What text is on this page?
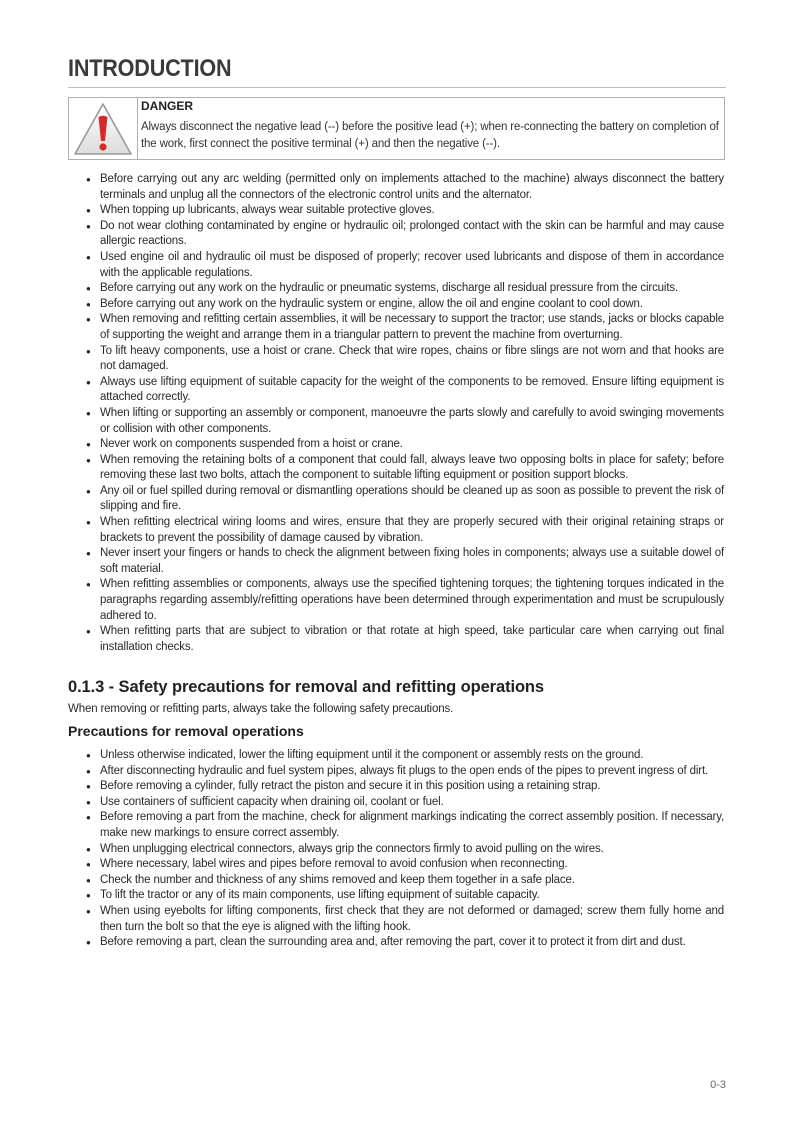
INTRODUCTION
DANGER

Always disconnect the negative lead (--) before the positive lead (+); when re-connecting the battery on completion of the work, first connect the positive terminal (+) and then the negative (--).

● Before carrying out any arc welding (permitted only on implements attached to the machine) always disconnect the battery terminals and unplug all the connectors of the electronic control units and the alternator.
● When topping up lubricants, always wear suitable protective gloves.
● Do not wear clothing contaminated by engine or hydraulic oil; prolonged contact with the skin can be harmful and may cause allergic reactions.
● Used engine oil and hydraulic oil must be disposed of properly; recover used lubricants and dispose of them in accordance with the applicable regulations.
● Before carrying out any work on the hydraulic or pneumatic systems, discharge all residual pressure from the circuits.
● Before carrying out any work on the hydraulic system or engine, allow the oil and engine coolant to cool down.
● When removing and refitting certain assemblies, it will be necessary to support the tractor; use stands, jacks or blocks capable of supporting the weight and arrange them in a triangular pattern to prevent the machine from overturning.
● To lift heavy components, use a hoist or crane. Check that wire ropes, chains or fibre slings are not worn and that hooks are not damaged.
● Always use lifting equipment of suitable capacity for the weight of the components to be removed. Ensure lifting equipment is attached correctly.
● When lifting or supporting an assembly or component, manoeuvre the parts slowly and carefully to avoid swinging movements or collision with other components.
● Never work on components suspended from a hoist or crane.
● When removing the retaining bolts of a component that could fall, always leave two opposing bolts in place for safety; before removing these last two bolts, attach the component to suitable lifting equipment or position support blocks.
● Any oil or fuel spilled during removal or dismantling operations should be cleaned up as soon as possible to prevent the risk of slipping and fire.
● When refitting electrical wiring looms and wires, ensure that they are properly secured with their original retaining straps or brackets to prevent the possibility of damage caused by vibration.
● Never insert your fingers or hands to check the alignment between fixing holes in components; always use a suitable dowel of soft material.
● When refitting assemblies or components, always use the specified tightening torques; the tightening torques indicated in the paragraphs regarding assembly/refitting operations have been determined through experimentation and must be scrupulously adhered to.
● When refitting parts that are subject to vibration or that rotate at high speed, take particular care when carrying out final installation checks.
0.1.3 - Safety precautions for removal and refitting operations

When removing or refitting parts, always take the following safety precautions.

Precautions for removal operations
● Unless otherwise indicated, lower the lifting equipment until it the component or assembly rests on the ground.
● After disconnecting hydraulic and fuel system pipes, always fit plugs to the open ends of the pipes to prevent ingress of dirt.
● Before removing a cylinder, fully retract the piston and secure it in this position using a retaining strap.
● Use containers of sufficient capacity when draining oil, coolant or fuel.
● Before removing a part from the machine, check for alignment markings indicating the correct assembly position. If necessary, make new markings to ensure correct assembly.
● When unplugging electrical connectors, always grip the connectors firmly to avoid pulling on the wires.
● Where necessary, label wires and pipes before removal to avoid confusion when reconnecting.
● Check the number and thickness of any shims removed and keep them together in a safe place.
● To lift the tractor or any of its main components, use lifting equipment of suitable capacity.
● When using eyebolts for lifting components, first check that they are not deformed or damaged; screw them fully home and then turn the bolt so that the eye is aligned with the lifting hook.
● Before removing a part, clean the surrounding area and, after removing the part, cover it to protect it from dirt and dust.
0-3
